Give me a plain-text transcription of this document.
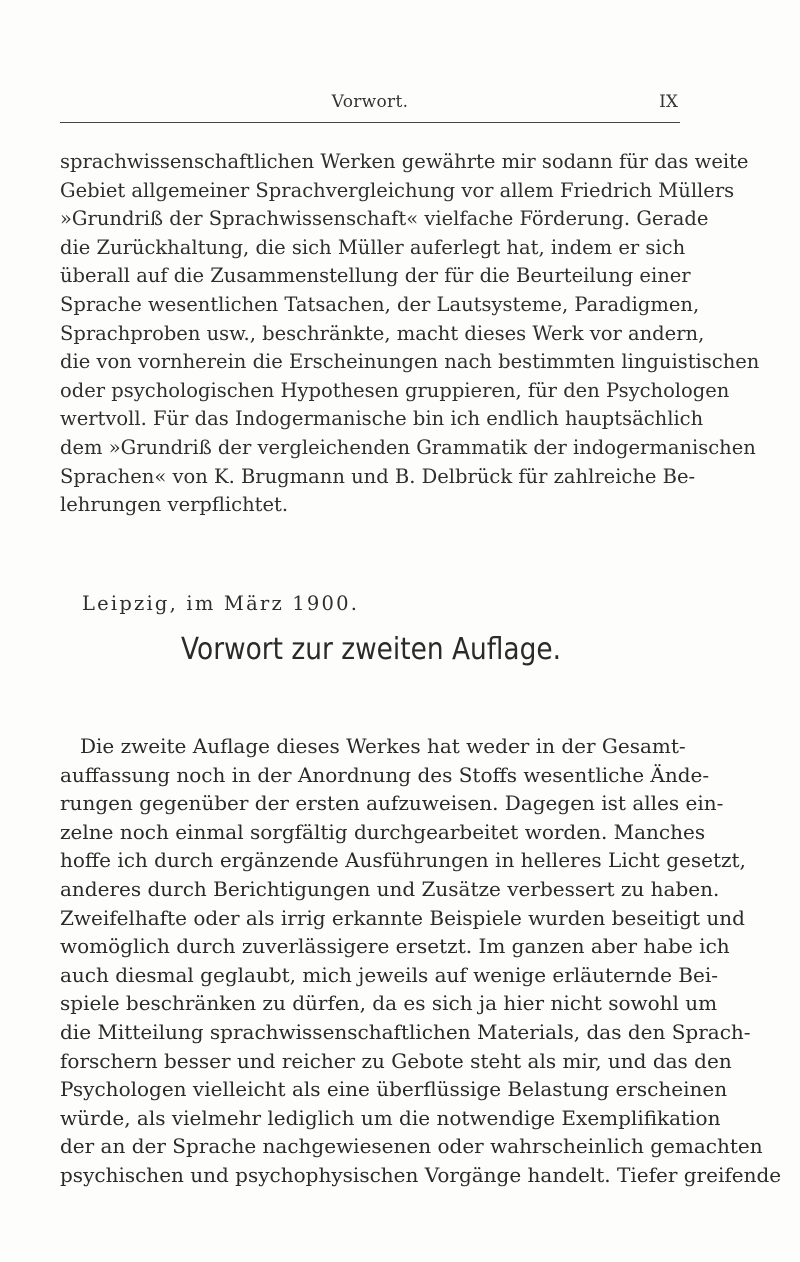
Vorwort.	IX
sprachwissenschaftlichen Werken gewährte mir sodann für das weite
Gebiet allgemeiner Sprachvergleichung vor allem Friedrich Müllers
»Grundriß der Sprachwissenschaft« vielfache Förderung. Gerade
die Zurückhaltung, die sich Müller auferlegt hat, indem er sich
überall auf die Zusammenstellung der für die Beurteilung einer
Sprache wesentlichen Tatsachen, der Lautsysteme, Paradigmen,
Sprachproben usw., beschränkte, macht dieses Werk vor andern,
die von vornherein die Erscheinungen nach bestimmten linguistischen
oder psychologischen Hypothesen gruppieren, für den Psychologen
wertvoll. Für das Indogermanische bin ich endlich hauptsächlich
dem »Grundriß der vergleichenden Grammatik der indogermanischen
Sprachen« von K. Brugmann und B. Delbrück für zahlreiche Be-
lehrungen verpflichtet.
Leipzig, im März 1900.
Vorwort zur zweiten Auflage.
Die zweite Auflage dieses Werkes hat weder in der Gesamt-
auffassung noch in der Anordnung des Stoffs wesentliche Ände-
rungen gegenüber der ersten aufzuweisen. Dagegen ist alles ein-
zelne noch einmal sorgfältig durchgearbeitet worden. Manches
hoffe ich durch ergänzende Ausführungen in helleres Licht gesetzt,
anderes durch Berichtigungen und Zusätze verbessert zu haben.
Zweifelhafte oder als irrig erkannte Beispiele wurden beseitigt und
womöglich durch zuverlässigere ersetzt. Im ganzen aber habe ich
auch diesmal geglaubt, mich jeweils auf wenige erläuternde Bei-
spiele beschränken zu dürfen, da es sich ja hier nicht sowohl um
die Mitteilung sprachwissenschaftlichen Materials, das den Sprach-
forschern besser und reicher zu Gebote steht als mir, und das den
Psychologen vielleicht als eine überflüssige Belastung erscheinen
würde, als vielmehr lediglich um die notwendige Exemplifikation
der an der Sprache nachgewiesenen oder wahrscheinlich gemachten
psychischen und psychophysischen Vorgänge handelt. Tiefer greifende
